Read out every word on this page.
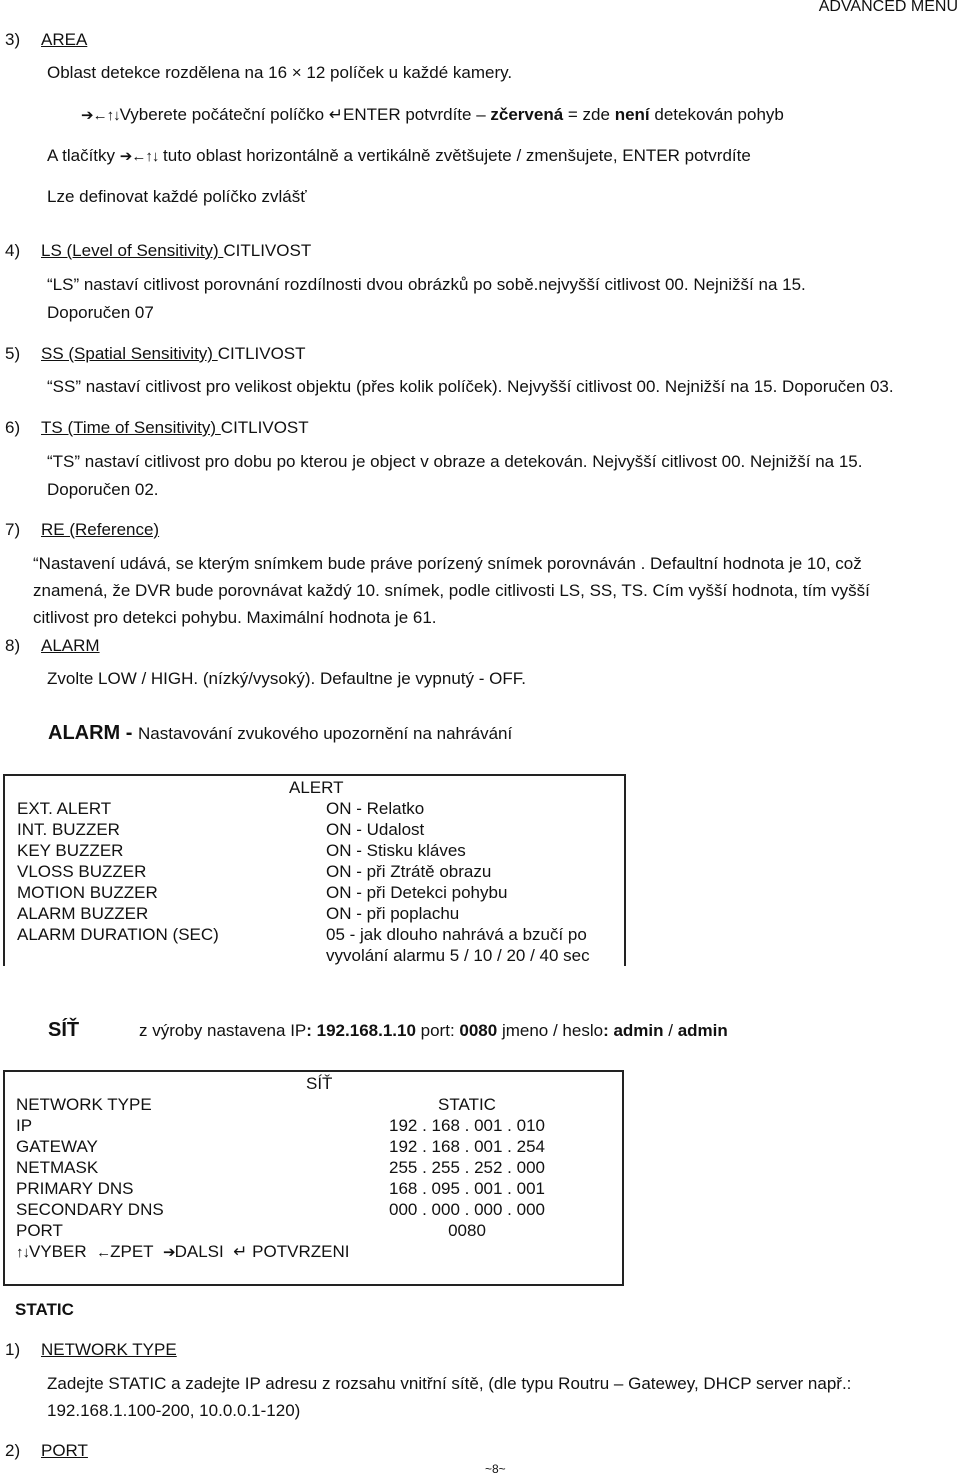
ADVANCED MENU
3) AREA
Oblast detekce rozdělena na 16 × 12 políček u každé kamery.
➔←↑↓Vyberete počáteční políčko ↵ENTER potvrdíte – zčervená = zde není detekován pohyb
A tlačítky ➔←↑↓ tuto oblast horizontálně a vertikálně zvětšujete / zmenšujete, ENTER potvrdíte
Lze definovat každé políčko zvlášť
4) LS (Level of Sensitivity) CITLIVOST
“LS” nastaví citlivost porovnání rozdílnosti dvou obrázků po sobě.nejvyšší citlivost 00. Nejnižší na 15.
Doporučen 07
5) SS (Spatial Sensitivity) CITLIVOST
“SS” nastaví citlivost pro velikost objektu (přes kolik políček). Nejvyšší citlivost 00. Nejnižší na 15. Doporučen 03.
6) TS (Time of Sensitivity) CITLIVOST
“TS” nastaví citlivost pro dobu po kterou je object v obraze a detekován. Nejvyšší citlivost 00. Nejnižší na 15.
Doporučen 02.
7) RE (Reference)
“Nastavení udává, se kterým snímkem bude práve porízený snímek porovnáván . Defaultní hodnota je 10, což
znamená, že DVR bude porovnávat každý 10. snímek, podle citlivosti LS, SS, TS. Cím vyšší hodnota, tím vyšší
citlivost pro detekci pohybu. Maximální hodnota je 61.
8) ALARM
Zvolte LOW / HIGH. (nízký/vysoký). Defaultne je vypnutý - OFF.
ALARM - Nastavování zvukového upozornění na nahrávání
ALERT
EXT. ALERT	ON - Relatko
INT. BUZZER	ON - Udalost
KEY BUZZER	ON - Stisku kláves
VLOSS BUZZER	ON - při Ztrátě obrazu
MOTION BUZZER	ON - při Detekci pohybu
ALARM BUZZER	ON - při poplachu
ALARM DURATION (SEC)	05 - jak dlouho nahrává a bzučí po
vyvolání alarmu 5 / 10 / 20 / 40 sec
SÍŤ	z výroby nastavena IP: 192.168.1.10 port: 0080 jmeno / heslo: admin / admin
SÍŤ
NETWORK TYPE	STATIC
IP	192 . 168 . 001 . 010
GATEWAY	192 . 168 . 001 . 254
NETMASK	255 . 255 . 252 . 000
PRIMARY DNS	168 . 095 . 001 . 001
SECONDARY DNS	000 . 000 . 000 . 000
PORT	0080
↑↓VYBER ←ZPET ➔DALSI ↵ POTVRZENI
STATIC
1) NETWORK TYPE
Zadejte STATIC a zadejte IP adresu z rozsahu vnitřní sítě, (dle typu Routru – Gatewey, DHCP server např.:
192.168.1.100-200, 10.0.0.1-120)
2) PORT
~8~
